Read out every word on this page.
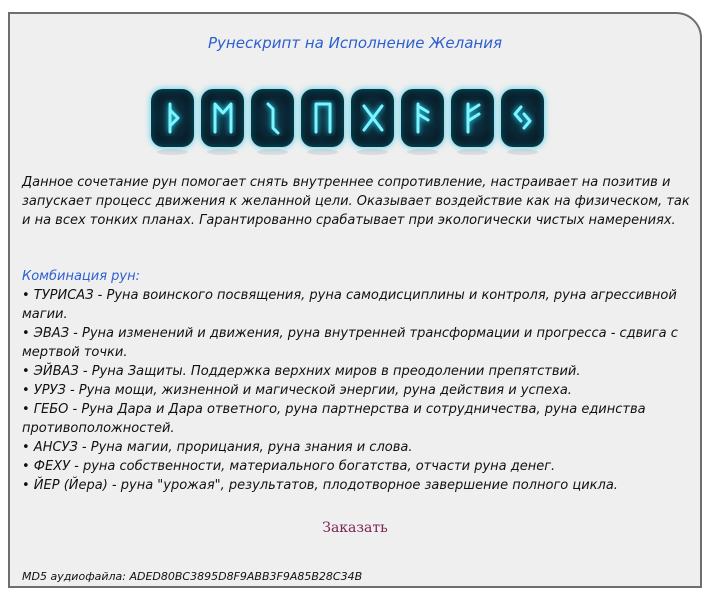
Рунескрипт на Исполнение Желания

Данное сочетание рун помогает снять внутреннее сопротивление, настраивает на позитив и запускает процесс движения к желанной цели. Оказывает воздействие как на физическом, так и на всех тонких планах. Гарантированно срабатывает при экологически чистых намерениях.

Комбинация рун:

• ТУРИСАЗ - Руна воинского посвящения, руна самодисциплины и контроля, руна агрессивной магии.
• ЭВАЗ - Руна изменений и движения, руна внутренней трансформации и прогресса - сдвига с мертвой точки.
• ЭЙВАЗ - Руна Защиты. Поддержка верхних миров в преодолении препятствий.
• УРУЗ - Руна мощи, жизненной и магической энергии, руна действия и успеха.
• ГЕБО - Руна Дара и Дара ответного, руна партнерства и сотрудничества, руна единства противоположностей.
• АНСУЗ - Руна магии, прорицания, руна знания и слова.
• ФЕХУ - руна собственности, материального богатства, отчасти руна денег.
• ЙЕР (Йера) - руна "урожая", результатов, плодотворное завершение полного цикла.
Заказать

MD5 аудиофайла: ADED80BC3895D8F9ABB3F9A85B28C34B
